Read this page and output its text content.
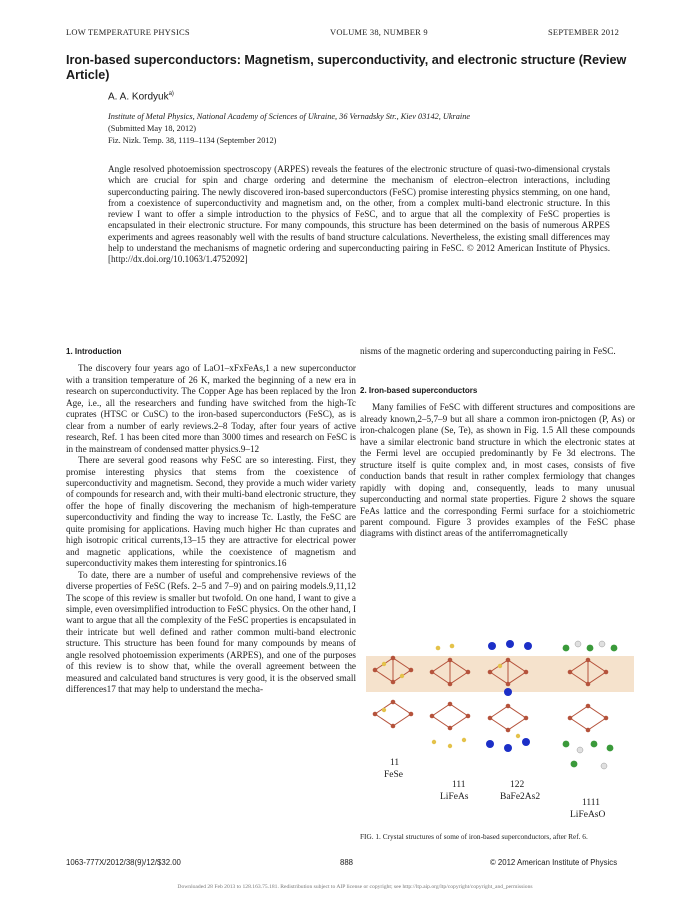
LOW TEMPERATURE PHYSICS	VOLUME 38, NUMBER 9	SEPTEMBER 2012
Iron-based superconductors: Magnetism, superconductivity, and electronic structure (Review Article)
A. A. Kordyuk$^{a)}$
Institute of Metal Physics, National Academy of Sciences of Ukraine, 36 Vernadsky Str., Kiev 03142, Ukraine
(Submitted May 18, 2012)
Fiz. Nizk. Temp. 38, 1119–1134 (September 2012)
Angle resolved photoemission spectroscopy (ARPES) reveals the features of the electronic structure of quasi-two-dimensional crystals which are crucial for spin and charge ordering and determine the mechanism of electron–electron interactions, including superconducting pairing. The newly discovered iron-based superconductors (FeSC) promise interesting physics stemming, on one hand, from a coexistence of superconductivity and magnetism and, on the other, from a complex multi-band electronic structure. In this review I want to offer a simple introduction to the physics of FeSC, and to argue that all the complexity of FeSC properties is encapsulated in their electronic structure. For many compounds, this structure has been determined on the basis of numerous ARPES experiments and agrees reasonably well with the results of band structure calculations. Nevertheless, the existing small differences may help to understand the mechanisms of magnetic ordering and superconducting pairing in FeSC. © 2012 American Institute of Physics. [http://dx.doi.org/10.1063/1.4752092]
1. Introduction

The discovery four years ago of LaO1–xFxFeAs,1 a new superconductor with a transition temperature of 26 K, marked the beginning of a new era in research on superconductivity. The Copper Age has been replaced by the Iron Age, i.e., all the researchers and funding have switched from the high-Tc cuprates (HTSC or CuSC) to the iron-based superconductors (FeSC), as is clear from a number of early reviews.2–8 Today, after four years of active research, Ref. 1 has been cited more than 3000 times and research on FeSC is in the mainstream of condensed matter physics.9–12

There are several good reasons why FeSC are so interesting. First, they promise interesting physics that stems from the coexistence of superconductivity and magnetism. Second, they provide a much wider variety of compounds for research and, with their multi-band electronic structure, they offer the hope of finally discovering the mechanism of high-temperature superconductivity and finding the way to increase Tc. Lastly, the FeSC are quite promising for applications. Having much higher Hc than cuprates and high isotropic critical currents,13–15 they are attractive for electrical power and magnetic applications, while the coexistence of magnetism and superconductivity makes them interesting for spintronics.16

To date, there are a number of useful and comprehensive reviews of the diverse properties of FeSC (Refs. 2–5 and 7–9) and on pairing models.9,11,12 The scope of this review is smaller but twofold. On one hand, I want to give a simple, even oversimplified introduction to FeSC physics. On the other hand, I want to argue that all the complexity of the FeSC properties is encapsulated in their intricate but well defined and rather common multi-band electronic structure. This structure has been found for many compounds by means of angle resolved photoemission experiments (ARPES), and one of the purposes of this review is to show that, while the overall agreement between the measured and calculated band structures is very good, it is the observed small differences17 that may help to understand the mecha-

nisms of the magnetic ordering and superconducting pairing in FeSC.

2. Iron-based superconductors

Many families of FeSC with different structures and compositions are already known,2–5,7–9 but all share a common iron-pnictogen (P, As) or iron-chalcogen plane (Se, Te), as shown in Fig. 1.5 All these compounds have a similar electronic band structure in which the electronic states at the Fermi level are occupied predominantly by Fe 3d electrons. The structure itself is quite complex and, in most cases, consists of five conduction bands that result in rather complex fermiology that changes rapidly with doping and, consequently, leads to many unusual superconducting and normal state properties. Figure 2 shows the square FeAs lattice and the corresponding Fermi surface for a stoichiometric parent compound. Figure 3 provides examples of the FeSC phase diagrams with distinct areas of the antiferromagnetically

11
FeSe
111
LiFeAs
122
BaFe2As2
1111
LiFeAsO
FIG. 1. Crystal structures of some of iron-based superconductors, after Ref. 6.
1063-777X/2012/38(9)/12/$32.00	888	© 2012 American Institute of Physics
Downloaded 28 Feb 2013 to 128.163.75.181. Redistribution subject to AIP license or copyright; see http://ltp.aip.org/ltp/copyright/copyright_and_permissions
